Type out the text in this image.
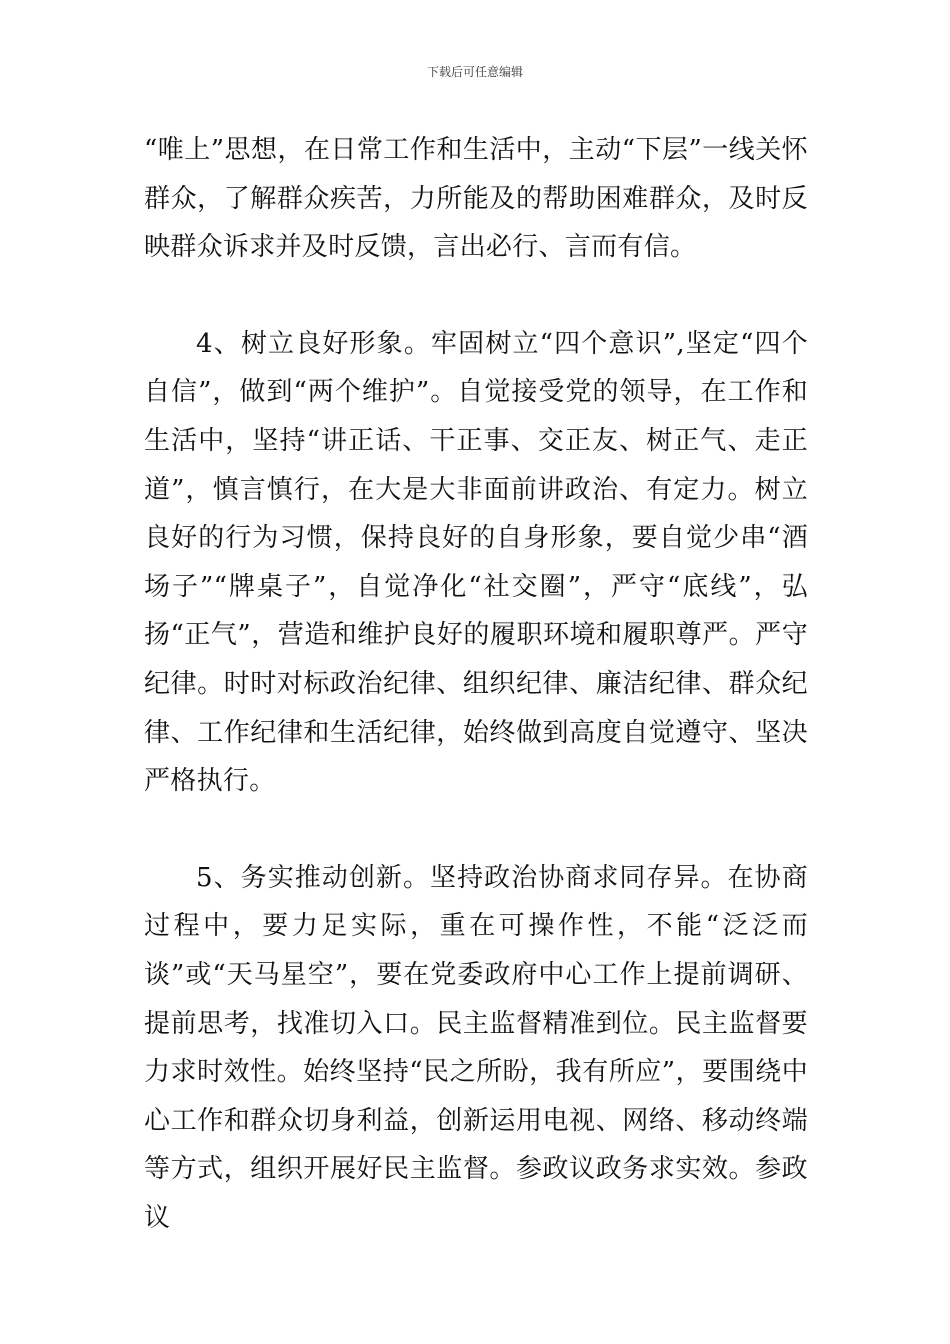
下载后可任意编辑

“唯上”思想，在日常工作和生活中，主动“下层”一线关怀群众，了解群众疾苦，力所能及的帮助困难群众，及时反映群众诉求并及时反馈，言出必行、言而有信。

4、树立良好形象。牢固树立“四个意识”,坚定“四个自信”，做到“两个维护”。自觉接受党的领导，在工作和生活中，坚持“讲正话、干正事、交正友、树正气、走正道”，慎言慎行，在大是大非面前讲政治、有定力。树立良好的行为习惯，保持良好的自身形象，要自觉少串“酒场子”“牌桌子”，自觉净化“社交圈”，严守“底线”，弘扬“正气”，营造和维护良好的履职环境和履职尊严。严守纪律。时时对标政治纪律、组织纪律、廉洁纪律、群众纪律、工作纪律和生活纪律，始终做到高度自觉遵守、坚决严格执行。

5、务实推动创新。坚持政治协商求同存异。在协商过程中，要力足实际，重在可操作性，不能“泛泛而谈”或“天马星空”，要在党委政府中心工作上提前调研、提前思考，找准切入口。民主监督精准到位。民主监督要力求时效性。始终坚持“民之所盼，我有所应”，要围绕中心工作和群众切身利益，创新运用电视、网络、移动终端等方式，组织开展好民主监督。参政议政务求实效。参政议
